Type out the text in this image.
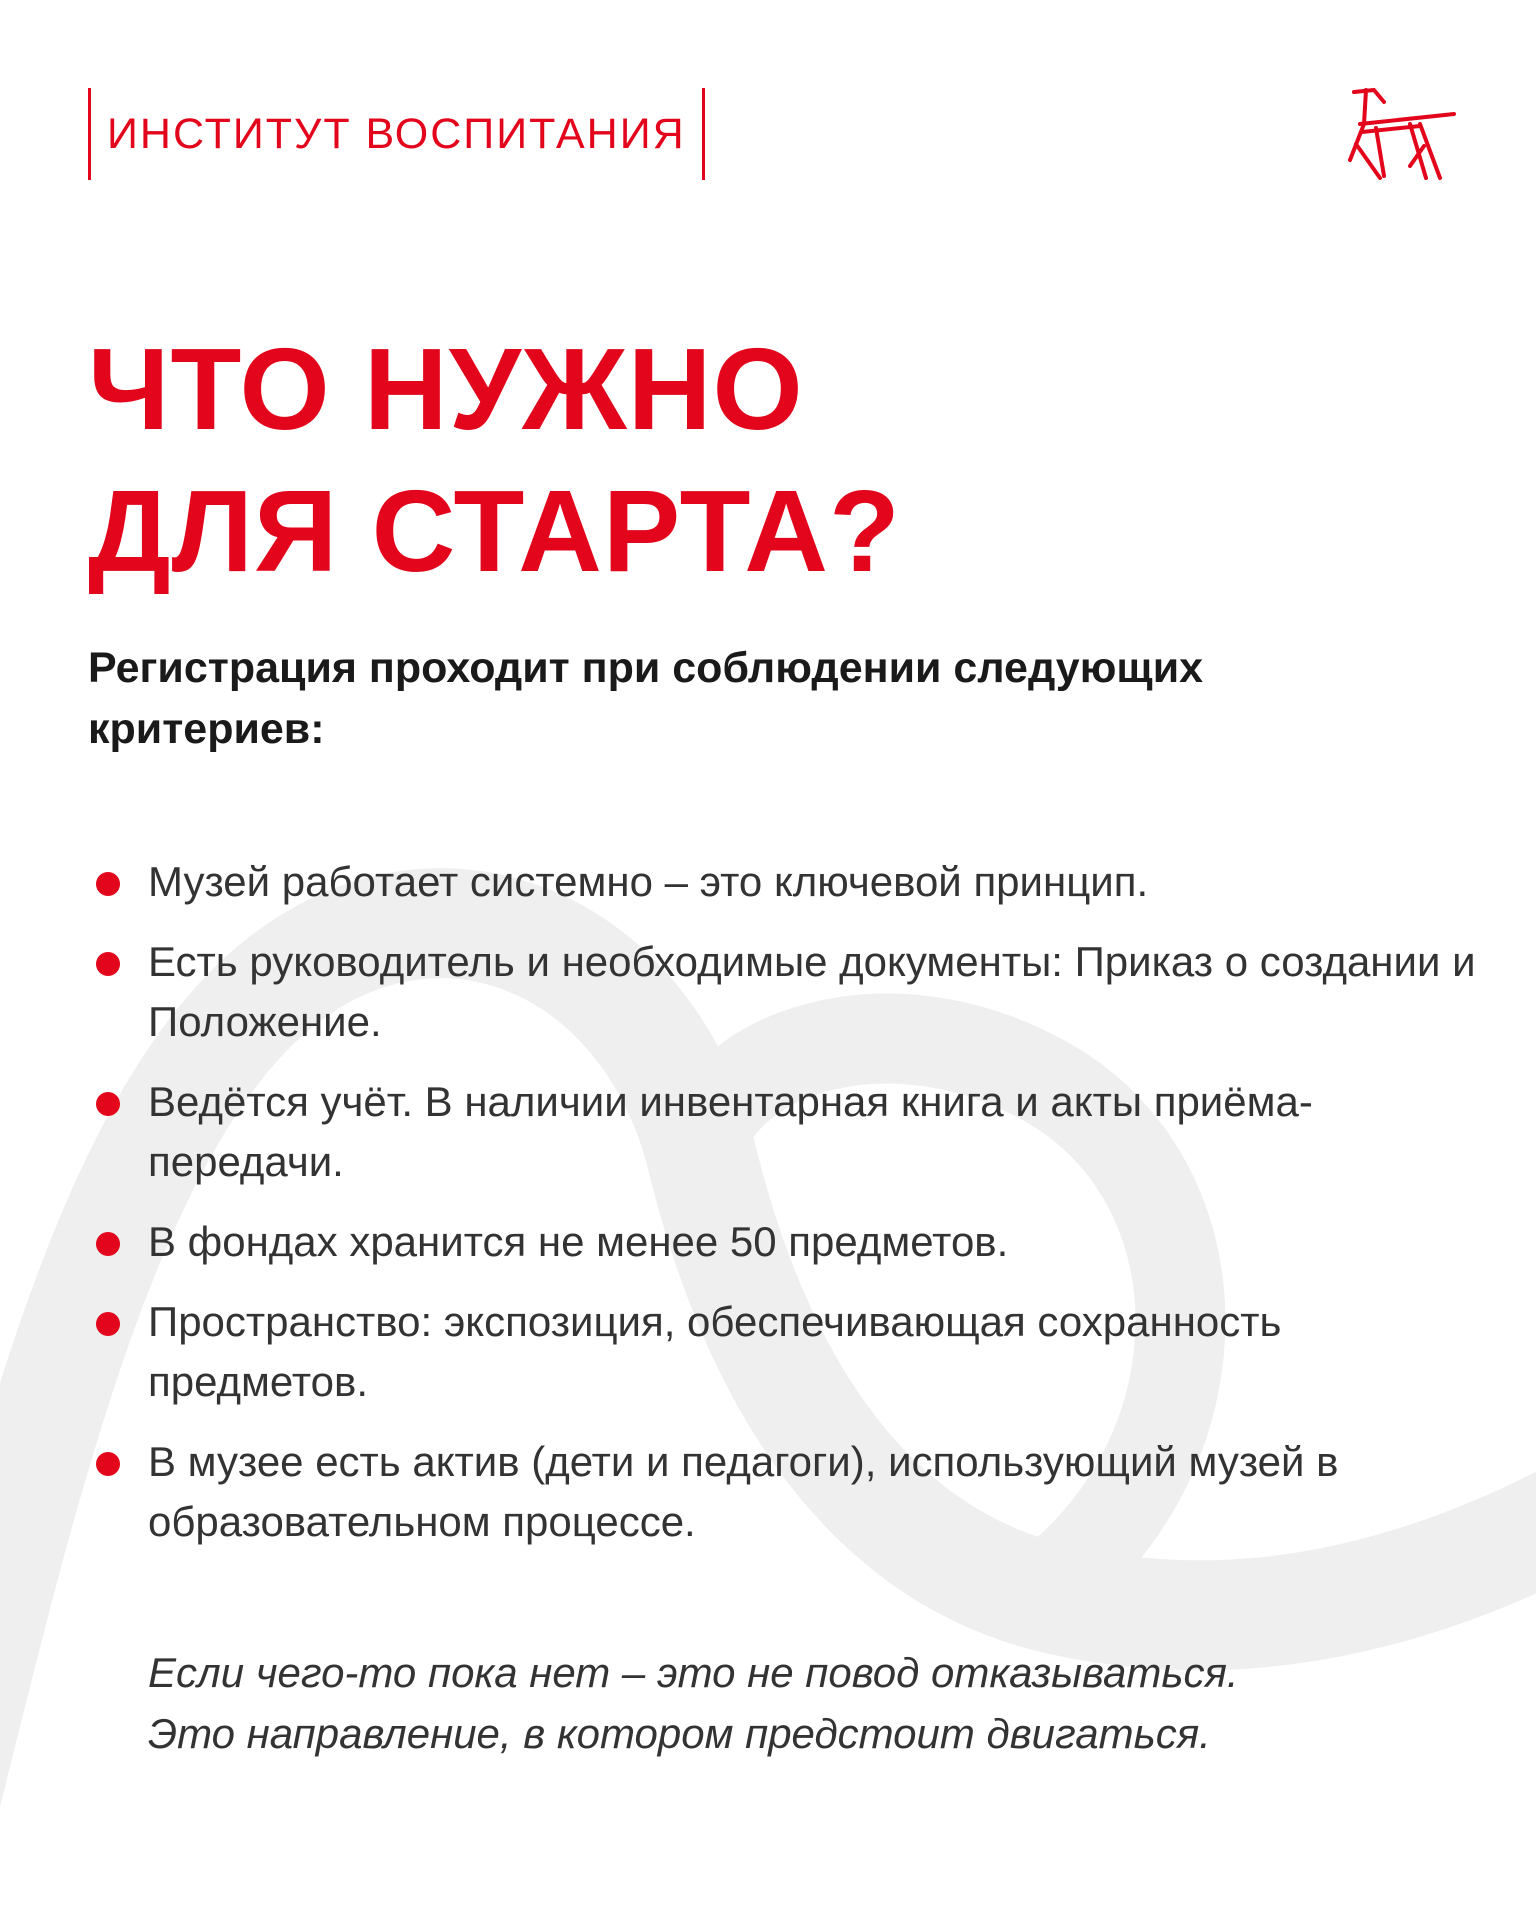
ИНСТИТУТ ВОСПИТАНИЯ
ЧТО НУЖНО
ДЛЯ СТАРТА?
Регистрация проходит при соблюдении следующих критериев:
Музей работает системно – это ключевой принцип.
Есть руководитель и необходимые документы: Приказ о создании и Положение.
Ведётся учёт. В наличии инвентарная книга и акты приёма-передачи.
В фондах хранится не менее 50 предметов.
Пространство: экспозиция, обеспечивающая сохранность предметов.
В музее есть актив (дети и педагоги), использующий музей в образовательном процессе.
Если чего-то пока нет – это не повод отказываться.
Это направление, в котором предстоит двигаться.
